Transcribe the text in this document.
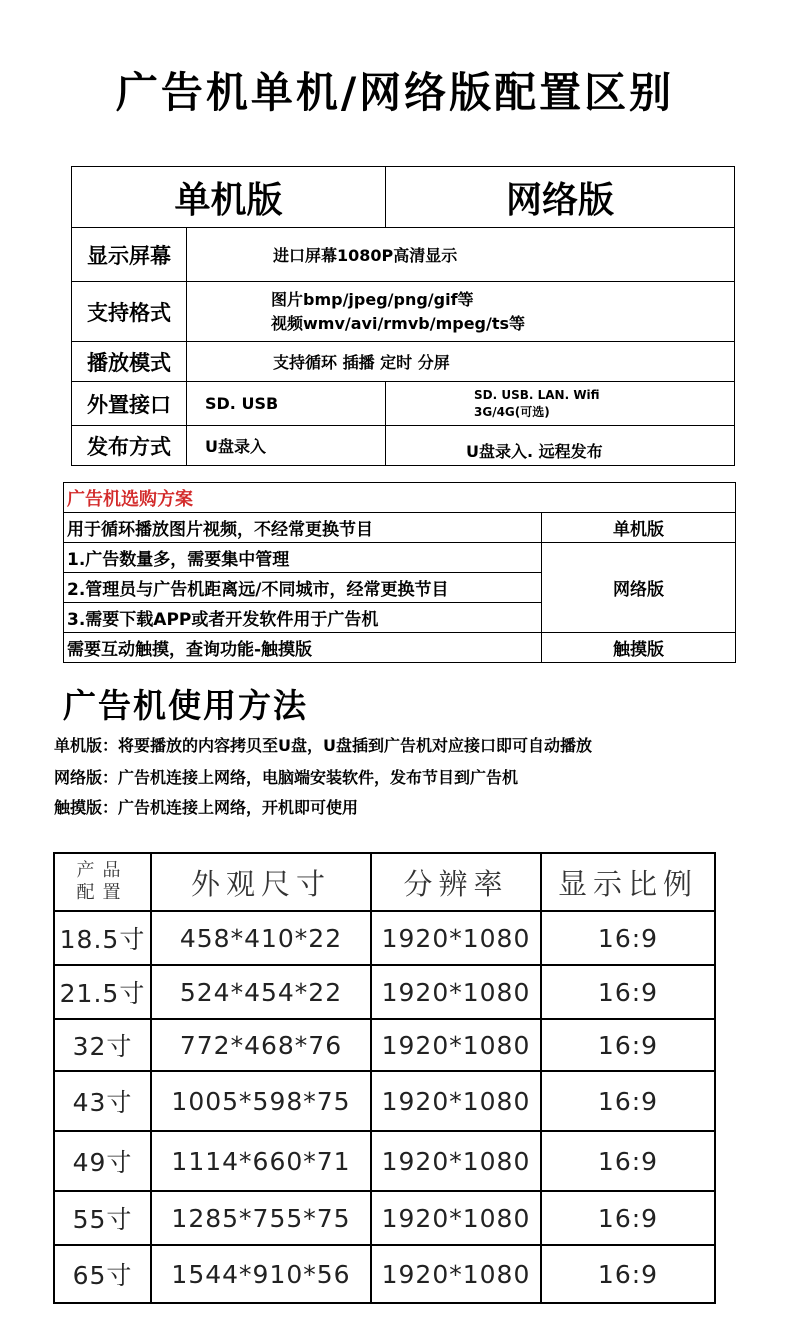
广告机单机/网络版配置区别
单机版		网络版
显示屏幕	进口屏幕1080P高清显示	
支持格式	图片bmp/jpeg/png/gif等
视频wmv/avi/rmvb/mpeg/ts等	

播放模式	支持循环 插播 定时 分屏	
外置接口	SD. USB	SD. USB. LAN. Wifi
3G/4G(可选)

发布方式	U盘录入	U盘录入. 远程发布
广告机选购方案	
用于循环播放图片视频，不经常更换节目	单机版
1.广告数量多，需要集中管理	网络版
2.管理员与广告机距离远/不同城市，经常更换节目	
3.需要下载APP或者开发软件用于广告机	
需要互动触摸，查询功能-触摸版	触摸版
广告机使用方法
单机版：将要播放的内容拷贝至U盘，U盘插到广告机对应接口即可自动播放
网络版：广告机连接上网络，电脑端安装软件，发布节目到广告机
触摸版：广告机连接上网络，开机即可使用
产品
配置	外观尺寸	分辨率	显示比例
18.5寸	458*410*22	1920*1080	16:9
21.5寸	524*454*22	1920*1080	16:9
32寸	772*468*76	1920*1080	16:9
43寸	1005*598*75	1920*1080	16:9
49寸	1114*660*71	1920*1080	16:9
55寸	1285*755*75	1920*1080	16:9
65寸	1544*910*56	1920*1080	16:9
